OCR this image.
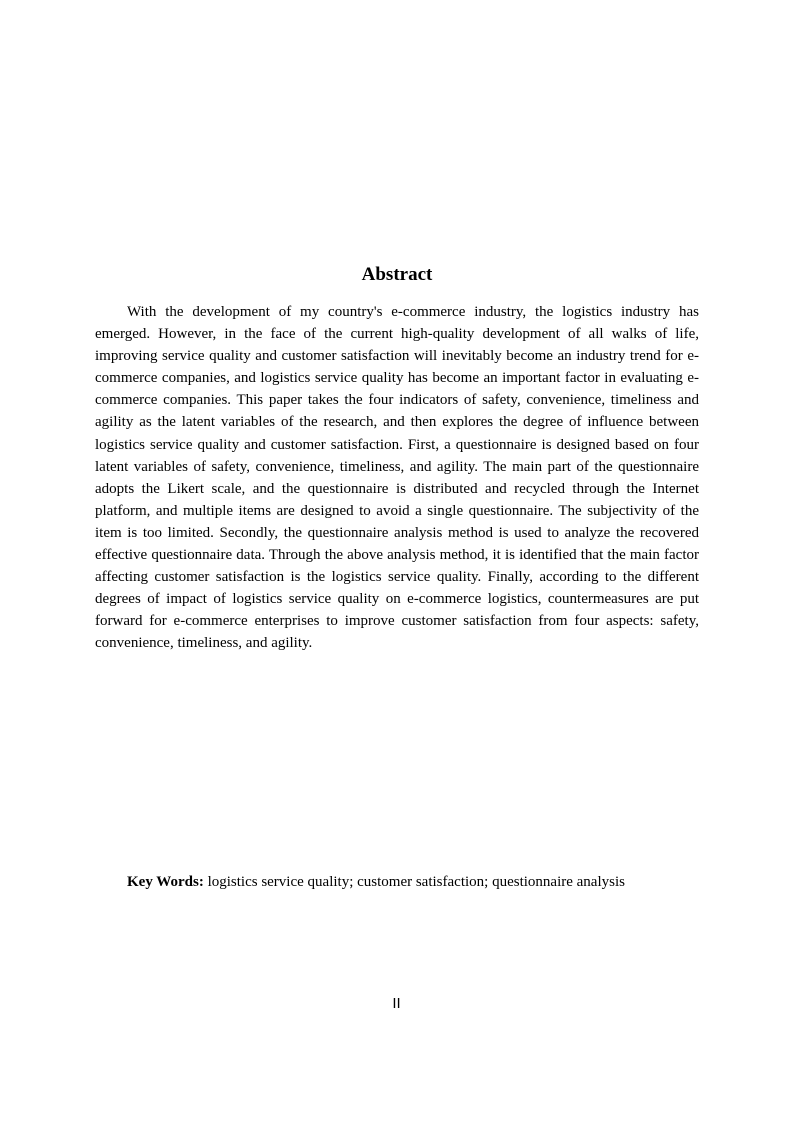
Abstract

With the development of my country's e-commerce industry, the logistics industry has emerged. However, in the face of the current high-quality development of all walks of life, improving service quality and customer satisfaction will inevitably become an industry trend for e-commerce companies, and logistics service quality has become an important factor in evaluating e-commerce companies. This paper takes the four indicators of safety, convenience, timeliness and agility as the latent variables of the research, and then explores the degree of influence between logistics service quality and customer satisfaction. First, a questionnaire is designed based on four latent variables of safety, convenience, timeliness, and agility. The main part of the questionnaire adopts the Likert scale, and the questionnaire is distributed and recycled through the Internet platform, and multiple items are designed to avoid a single questionnaire. The subjectivity of the item is too limited. Secondly, the questionnaire analysis method is used to analyze the recovered effective questionnaire data. Through the above analysis method, it is identified that the main factor affecting customer satisfaction is the logistics service quality. Finally, according to the different degrees of impact of logistics service quality on e-commerce logistics, countermeasures are put forward for e-commerce enterprises to improve customer satisfaction from four aspects: safety, convenience, timeliness, and agility.

Key Words: logistics service quality; customer satisfaction; questionnaire analysis
II
